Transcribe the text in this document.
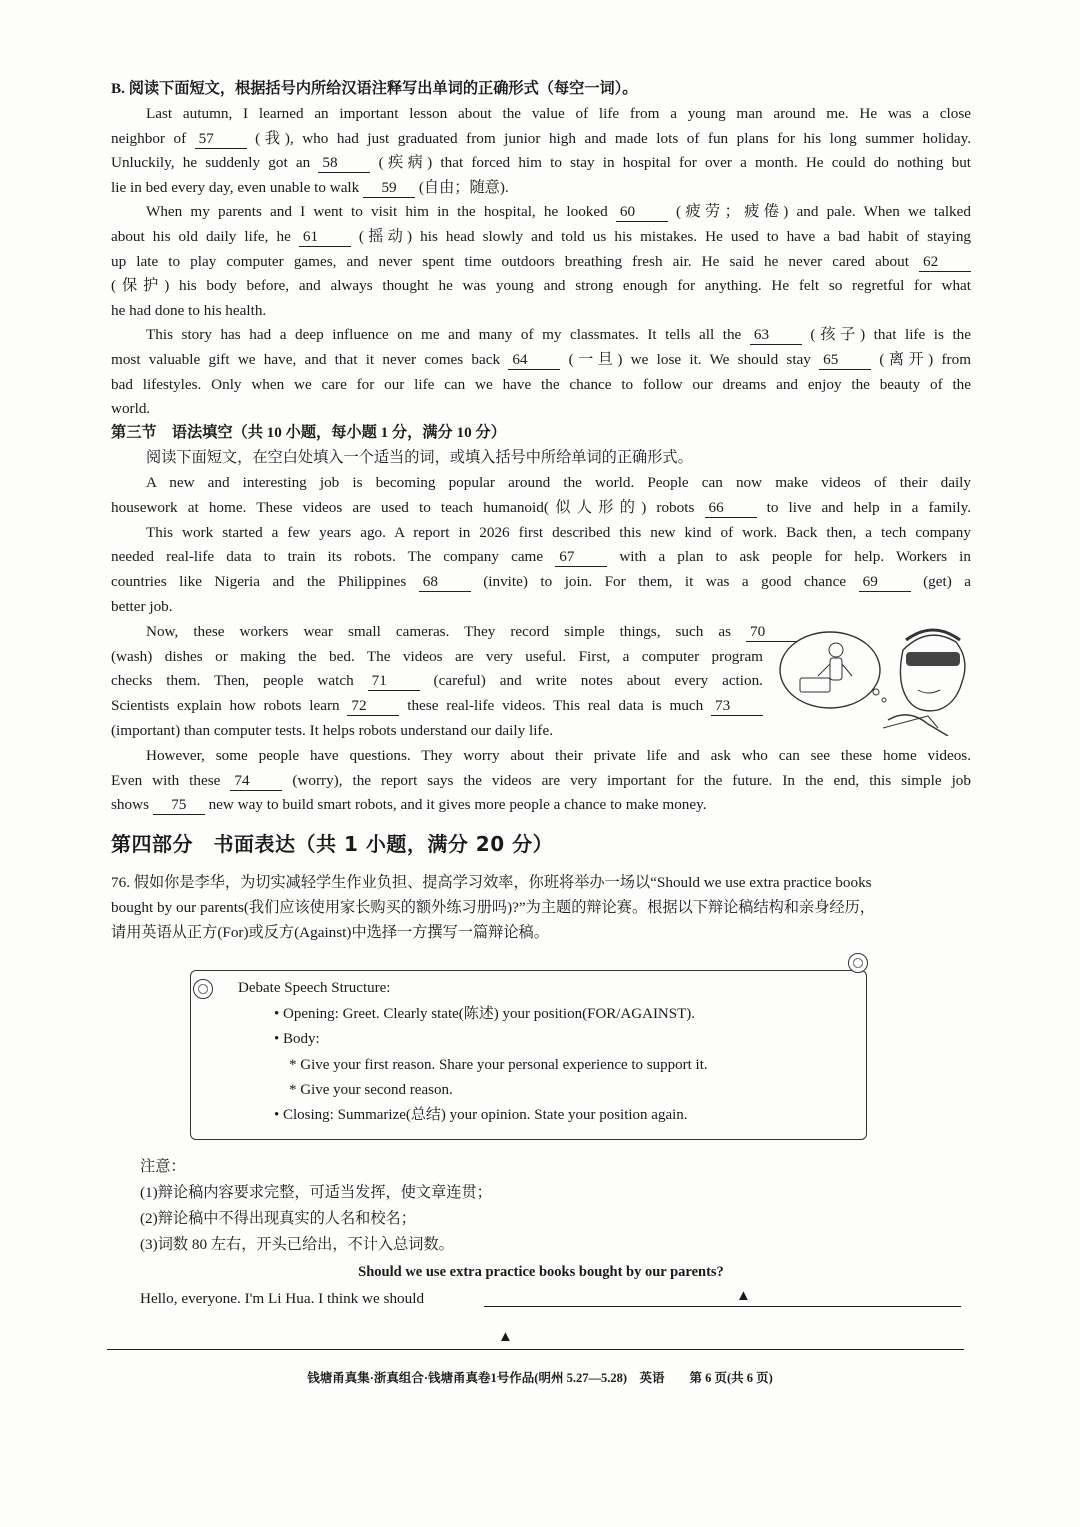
B. 阅读下面短文，根据括号内所给汉语注释写出单词的正确形式（每空一词）。
Last autumn, I learned an important lesson about the value of life from a young man around me. He was a close
neighbor of 57 (我), who had just graduated from junior high and made lots of fun plans for his long summer holiday.
Unluckily, he suddenly got an 58 (疾病) that forced him to stay in hospital for over a month. He could do nothing but
lie in bed every day, even unable to walk 59 (自由；随意).
When my parents and I went to visit him in the hospital, he looked 60 (疲劳；疲倦) and pale. When we talked
about his old daily life, he 61 (摇动) his head slowly and told us his mistakes. He used to have a bad habit of staying
up late to play computer games, and never spent time outdoors breathing fresh air. He said he never cared about 62
(保护) his body before, and always thought he was young and strong enough for anything. He felt so regretful for what
he had done to his health.
This story has had a deep influence on me and many of my classmates. It tells all the 63 (孩子) that life is the
most valuable gift we have, and that it never comes back 64 (一旦) we lose it. We should stay 65 (离开) from
bad lifestyles. Only when we care for our life can we have the chance to follow our dreams and enjoy the beauty of the
world.
第三节　语法填空（共 10 小题，每小题 1 分，满分 10 分）
阅读下面短文，在空白处填入一个适当的词，或填入括号中所给单词的正确形式。
A new and interesting job is becoming popular around the world. People can now make videos of their daily
housework at home. These videos are used to teach humanoid(似人形的) robots 66 to live and help in a family.
This work started a few years ago. A report in 2026 first described this new kind of work. Back then, a tech company
needed real-life data to train its robots. The company came 67 with a plan to ask people for help. Workers in
countries like Nigeria and the Philippines 68 (invite) to join. For them, it was a good chance 69 (get) a
better job.
Now, these workers wear small cameras. They record simple things, such as 70
(wash) dishes or making the bed. The videos are very useful. First, a computer program
checks them. Then, people watch 71 (careful) and write notes about every action.
Scientists explain how robots learn 72 these real-life videos. This real data is much 73
(important) than computer tests. It helps robots understand our daily life.
However, some people have questions. They worry about their private life and ask who can see these home videos.
Even with these 74 (worry), the report says the videos are very important for the future. In the end, this simple job
shows 75 new way to build smart robots, and it gives more people a chance to make money.
第四部分　书面表达（共 1 小题，满分 20 分）
76. 假如你是李华，为切实减轻学生作业负担、提高学习效率，你班将举办一场以“Should we use extra practice books
bought by our parents(我们应该使用家长购买的额外练习册吗)?”为主题的辩论赛。根据以下辩论稿结构和亲身经历，
请用英语从正方(For)或反方(Against)中选择一方撰写一篇辩论稿。
Debate Speech Structure:
• Opening: Greet. Clearly state(陈述) your position(FOR/AGAINST).
• Body:
* Give your first reason. Share your personal experience to support it.
* Give your second reason.
• Closing: Summarize(总结) your opinion. State your position again.
注意：
(1)辩论稿内容要求完整，可适当发挥，使文章连贯；
(2)辩论稿中不得出现真实的人名和校名；
(3)词数 80 左右，开头已给出，不计入总词数。
Should we use extra practice books bought by our parents?
Hello, everyone. I'm Li Hua. I think we should	▲
▲
钱塘甬真集·浙真组合·钱塘甬真卷1号作品(明州 5.27—5.28)　英语　　第 6 页(共 6 页)
